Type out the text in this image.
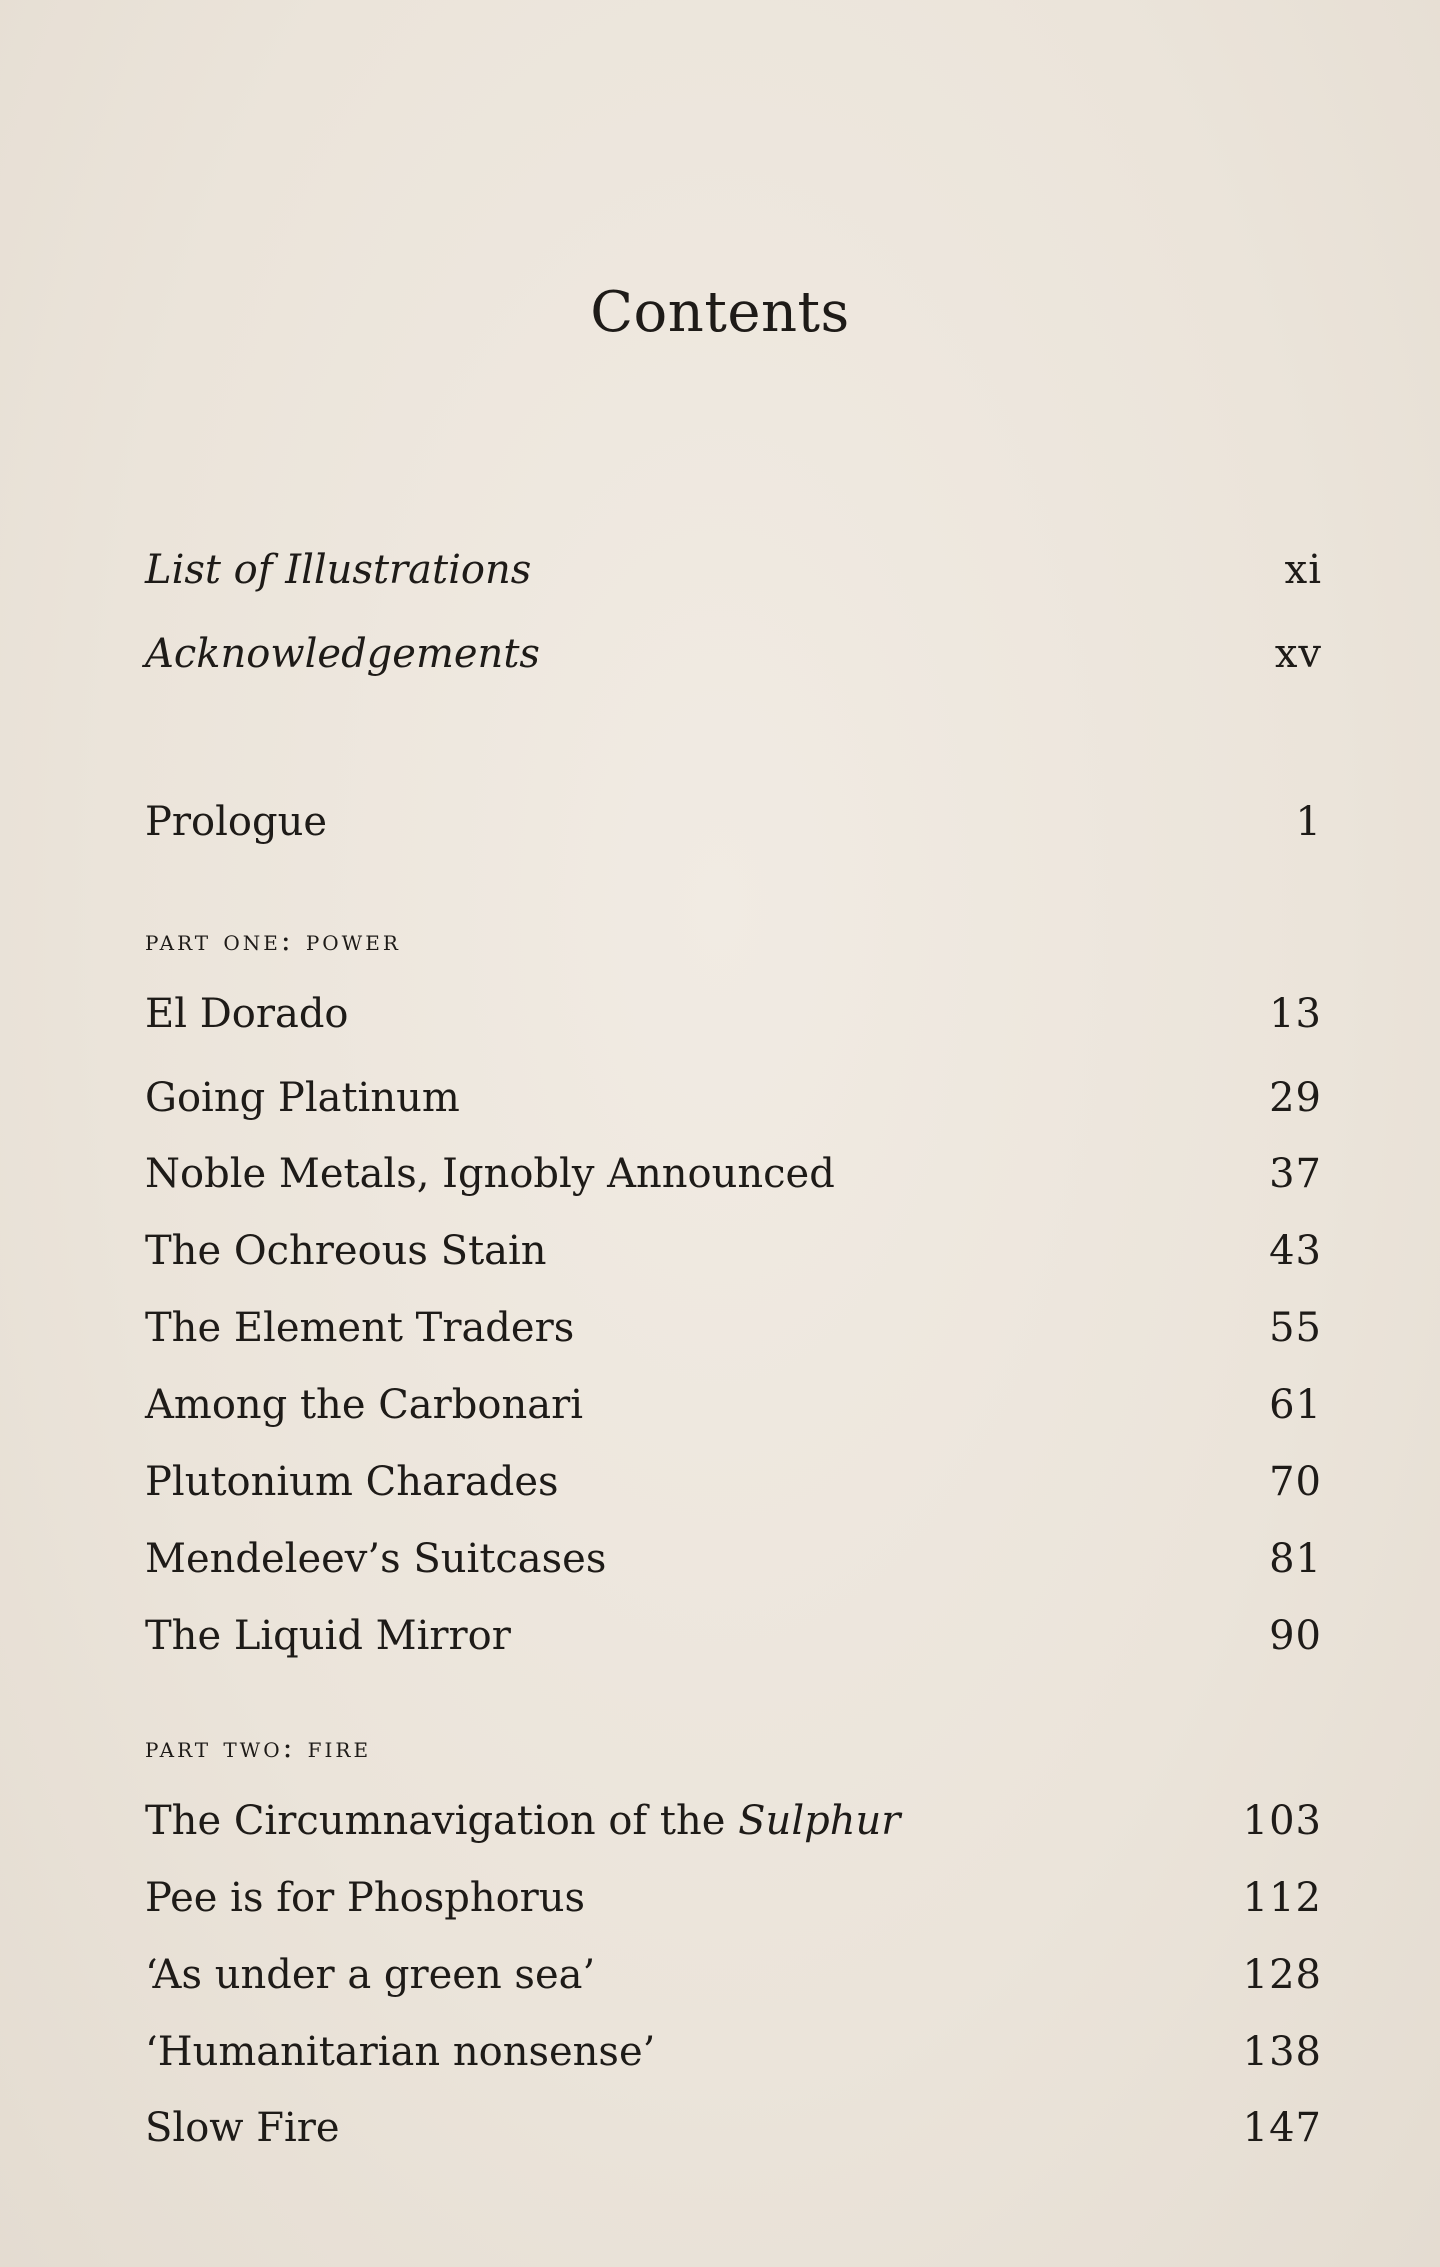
Contents
List of Illustrations	xi
Acknowledgements	xv
Prologue	1
part one: power
El Dorado	13
Going Platinum	29
Noble Metals, Ignobly Announced	37
The Ochreous Stain	43
The Element Traders	55
Among the Carbonari	61
Plutonium Charades	70
Mendeleev’s Suitcases	81
The Liquid Mirror	90
part two: fire
The Circumnavigation of the Sulphur	103
Pee is for Phosphorus	112
‘As under a green sea’	128
‘Humanitarian nonsense’	138
Slow Fire	147
